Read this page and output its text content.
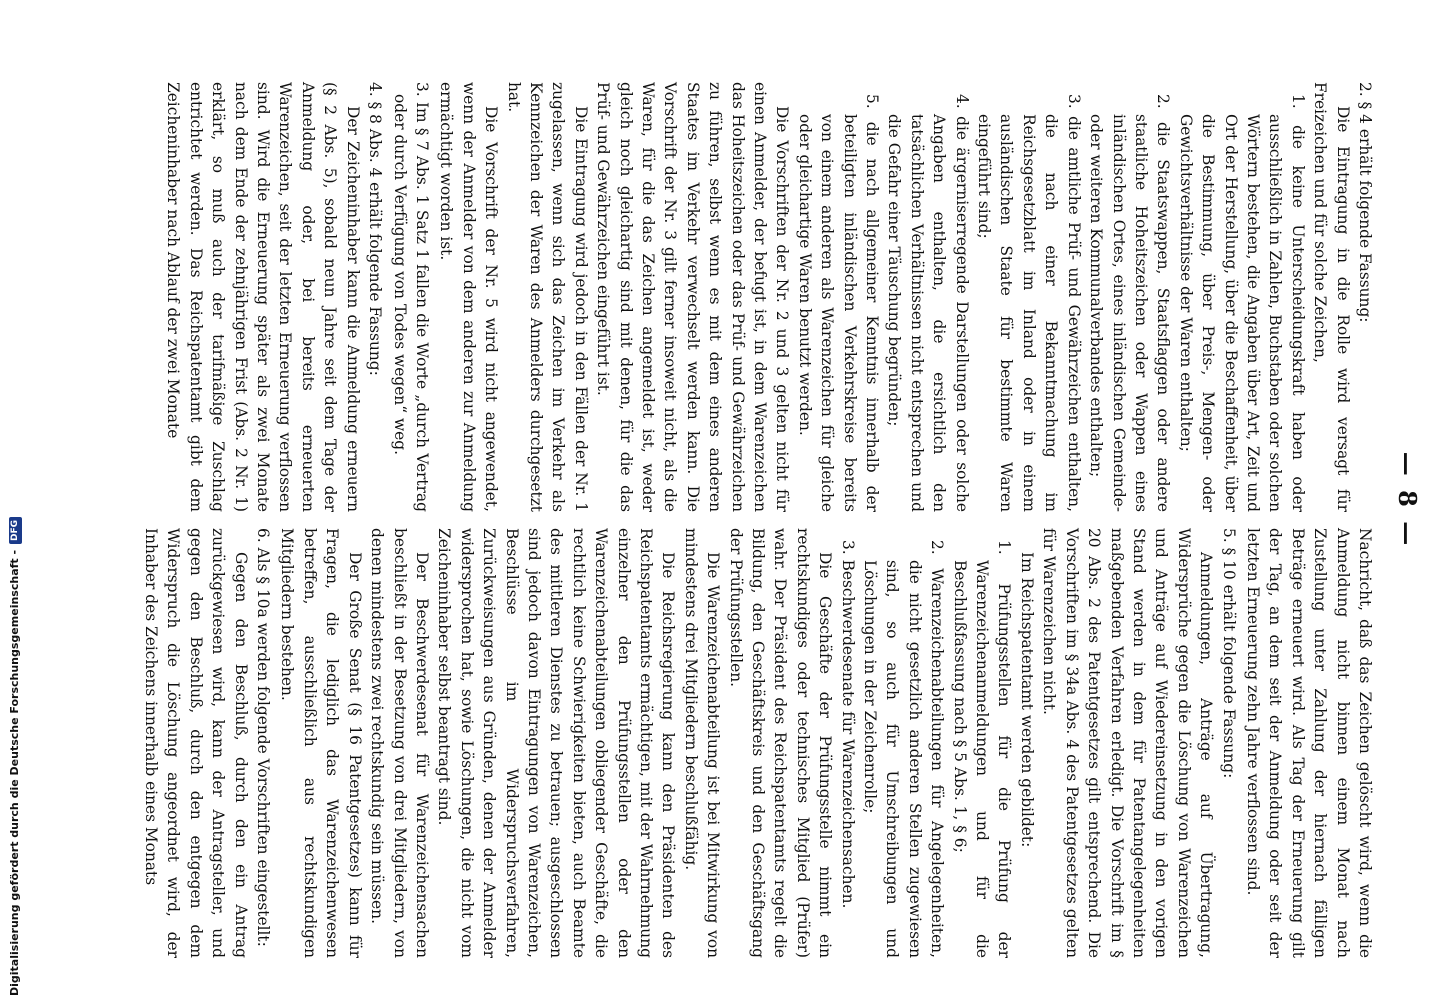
— 8 —

2. § 4 erhält folgende Fassung:

Die Eintragung in die Rolle wird versagt für Freizeichen und für solche Zeichen,

1. die keine Unterscheidungskraft haben oder ausschließlich in Zahlen, Buchstaben oder solchen Wörtern bestehen, die Angaben über Art, Zeit und Ort der Herstellung, über die Beschaffenheit, über die Bestimmung, über Preis-, Mengen- oder Gewichtsverhältnisse der Waren enthalten;

2. die Staatswappen, Staatsflaggen oder andere staatliche Hoheitszeichen oder Wappen eines inländischen Ortes, eines inländischen Gemeinde- oder weiteren Kommunalverbandes enthalten;

3. die amtliche Prüf- und Gewährzeichen enthalten, die nach einer Bekanntmachung im Reichsgesetzblatt im Inland oder in einem ausländischen Staate für bestimmte Waren eingeführt sind;

4. die ärgerniserregende Darstellungen oder solche Angaben enthalten, die ersichtlich den tatsächlichen Verhältnissen nicht entsprechen und die Gefahr einer Täuschung begründen;

5. die nach allgemeiner Kenntnis innerhalb der beteiligten inländischen Verkehrskreise bereits von einem anderen als Warenzeichen für gleiche oder gleichartige Waren benutzt werden.

Die Vorschriften der Nr. 2 und 3 gelten nicht für einen Anmelder, der befugt ist, in dem Warenzeichen das Hoheitszeichen oder das Prüf- und Gewährzeichen zu führen, selbst wenn es mit dem eines anderen Staates im Verkehr verwechselt werden kann. Die Vorschrift der Nr. 3 gilt ferner insoweit nicht, als die Waren, für die das Zeichen angemeldet ist, weder gleich noch gleichartig sind mit denen, für die das Prüf- und Gewährzeichen eingeführt ist.

Die Eintragung wird jedoch in den Fällen der Nr. 1 zugelassen, wenn sich das Zeichen im Verkehr als Kennzeichen der Waren des Anmelders durchgesetzt hat.

Die Vorschrift der Nr. 5 wird nicht angewendet, wenn der Anmelder von dem anderen zur Anmeldung ermächtigt worden ist.

3. Im § 7 Abs. 1 Satz 1 fallen die Worte „durch Vertrag oder durch Verfügung von Todes wegen“ weg.

4. § 8 Abs. 4 erhält folgende Fassung:

Der Zeicheninhaber kann die Anmeldung erneuern (§ 2 Abs. 5), sobald neun Jahre seit dem Tage der Anmeldung oder, bei bereits erneuerten Warenzeichen, seit der letzten Erneuerung verflossen sind. Wird die Erneuerung später als zwei Monate nach dem Ende der zehnjährigen Frist (Abs. 2 Nr. 1) erklärt, so muß auch der tarifmäßige Zuschlag entrichtet werden. Das Reichspatentamt gibt dem Zeicheninhaber nach Ablauf der zwei Monate

Nachricht, daß das Zeichen gelöscht wird, wenn die Anmeldung nicht binnen einem Monat nach Zustellung unter Zahlung der hiernach fälligen Beträge erneuert wird. Als Tag der Erneuerung gilt der Tag, an dem seit der Anmeldung oder seit der letzten Erneuerung zehn Jahre verflossen sind.

5. § 10 erhält folgende Fassung:

Anmeldungen, Anträge auf Übertragung, Widersprüche gegen die Löschung von Warenzeichen und Anträge auf Wiedereinsetzung in den vorigen Stand werden in dem für Patentangelegenheiten maßgebenden Verfahren erledigt. Die Vorschrift im § 20 Abs. 2 des Patentgesetzes gilt entsprechend. Die Vorschriften im § 34a Abs. 4 des Patentgesetzes gelten für Warenzeichen nicht.

Im Reichspatentamt werden gebildet:

1. Prüfungsstellen für die Prüfung der Warenzeichenanmeldungen und für die Beschlußfassung nach § 5 Abs. 1, § 6;

2. Warenzeichenabteilungen für Angelegenheiten, die nicht gesetzlich anderen Stellen zugewiesen sind, so auch für Umschreibungen und Löschungen in der Zeichenrolle;

3. Beschwerdesenate für Warenzeichensachen.

Die Geschäfte der Prüfungsstelle nimmt ein rechtskundiges oder technisches Mitglied (Prüfer) wahr. Der Präsident des Reichspatentamts regelt die Bildung, den Geschäftskreis und den Geschäftsgang der Prüfungsstellen.

Die Warenzeichenabteilung ist bei Mitwirkung von mindestens drei Mitgliedern beschlußfähig.

Die Reichsregierung kann den Präsidenten des Reichspatentamts ermächtigen, mit der Wahrnehmung einzelner den Prüfungsstellen oder den Warenzeichenabteilungen obliegender Geschäfte, die rechtlich keine Schwierigkeiten bieten, auch Beamte des mittleren Dienstes zu betrauen; ausgeschlossen sind jedoch davon Eintragungen von Warenzeichen, Beschlüsse im Widerspruchsverfahren, Zurückweisungen aus Gründen, denen der Anmelder widersprochen hat, sowie Löschungen, die nicht vom Zeicheninhaber selbst beantragt sind.

Der Beschwerdesenat für Warenzeichensachen beschließt in der Besetzung von drei Mitgliedern, von denen mindestens zwei rechtskundig sein müssen.

Der Große Senat (§ 16 Patentgesetzes) kann für Fragen, die lediglich das Warenzeichenwesen betreffen, ausschließlich aus rechtskundigen Mitgliedern bestehen.

6. Als § 10a werden folgende Vorschriften eingestellt:

Gegen den Beschluß, durch den ein Antrag zurückgewiesen wird, kann der Antragsteller, und gegen den Beschluß, durch den entgegen dem Widerspruch die Löschung angeordnet wird, der Inhaber des Zeichens innerhalb eines Monats

Digitalisierung gefördert durch die Deutsche Forschungsgemeinschaft -
DFG
